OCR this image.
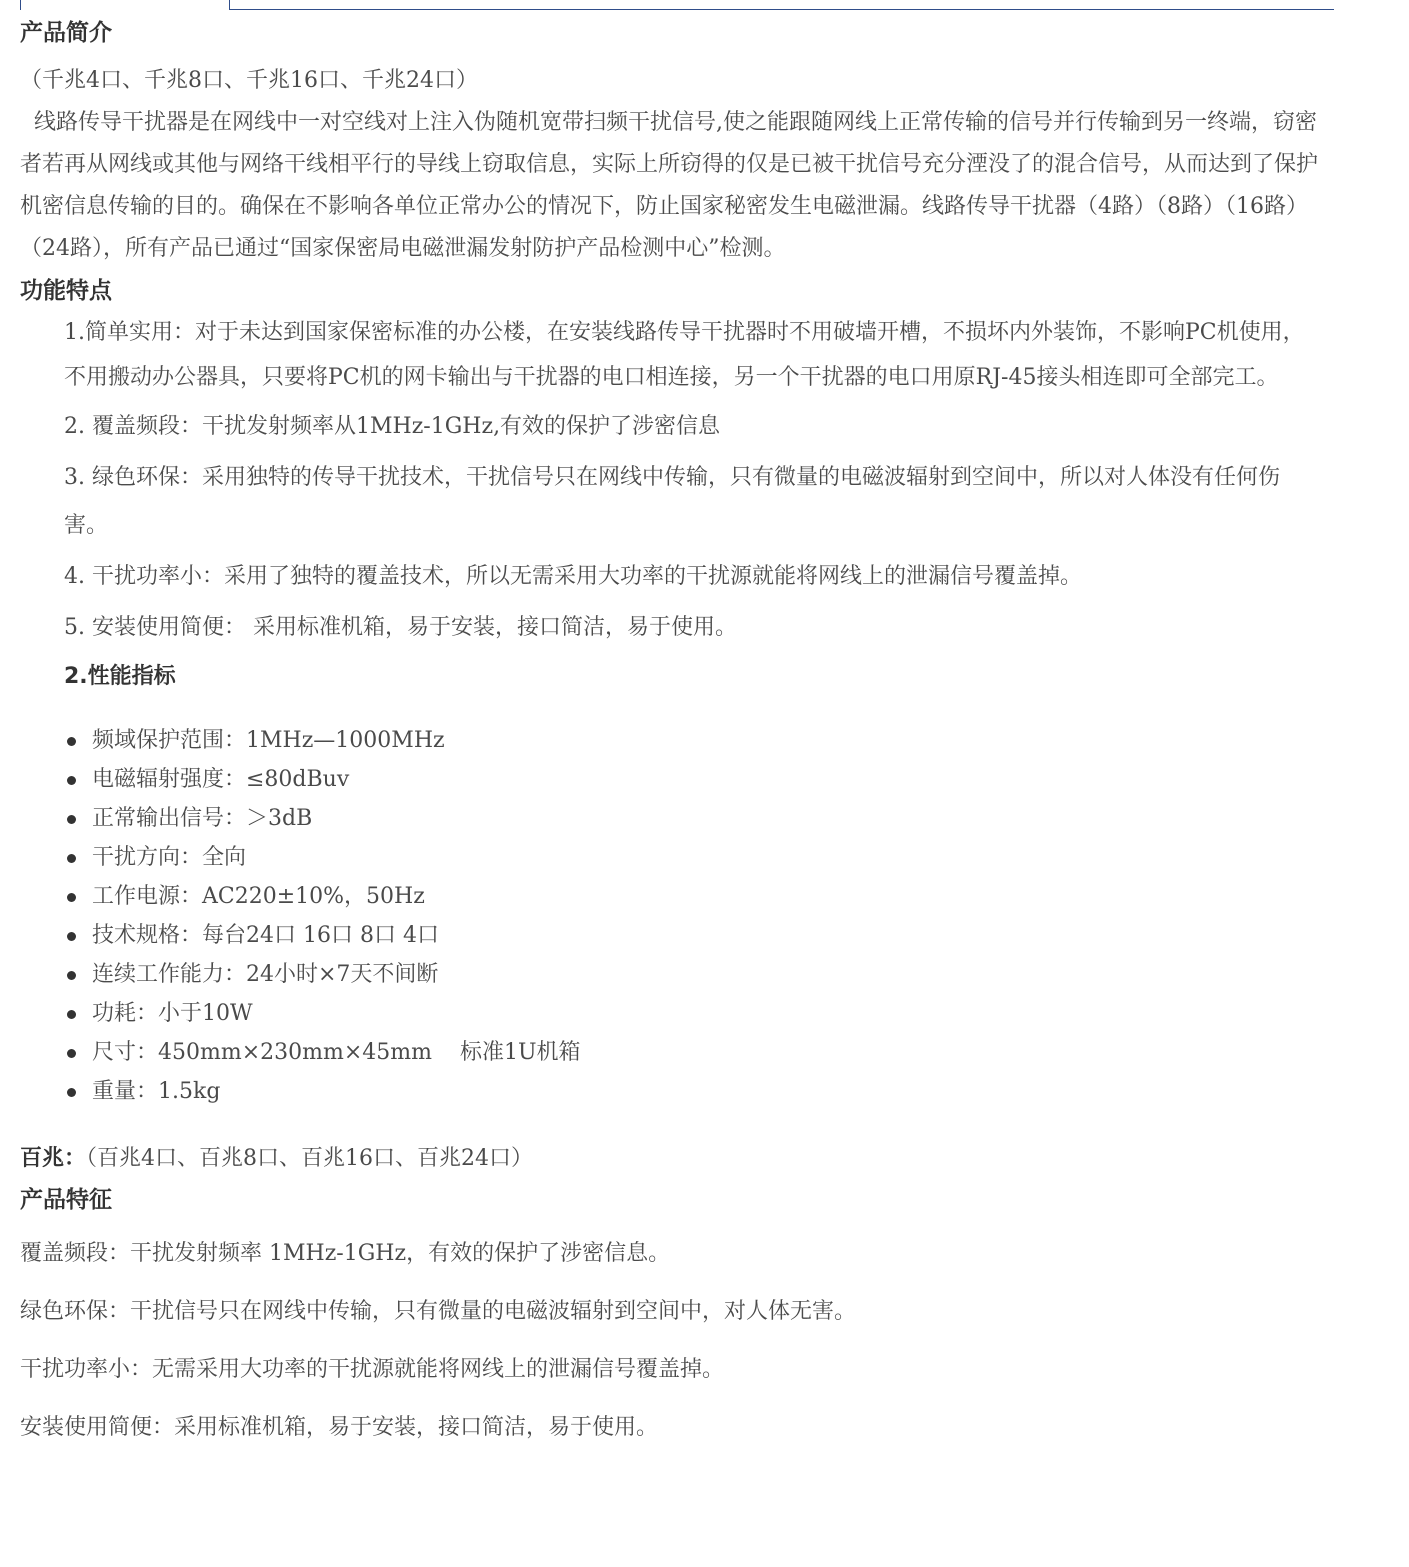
产品简介

（千兆4口、千兆8口、千兆16口、千兆24口）

线路传导干扰器是在网线中一对空线对上注入伪随机宽带扫频干扰信号,使之能跟随网线上正常传输的信号并行传输到另一终端，窃密者若再从网线或其他与网络干线相平行的导线上窃取信息，实际上所窃得的仅是已被干扰信号充分湮没了的混合信号，从而达到了保护机密信息传输的目的。确保在不影响各单位正常办公的情况下，防止国家秘密发生电磁泄漏。线路传导干扰器（4路）（8路）（16路）（24路），所有产品已通过“国家保密局电磁泄漏发射防护产品检测中心”检测。

功能特点

1.简单实用：对于未达到国家保密标准的办公楼，在安装线路传导干扰器时不用破墙开槽，不损坏内外装饰，不影响PC机使用，不用搬动办公器具，只要将PC机的网卡输出与干扰器的电口相连接，另一个干扰器的电口用原RJ-45接头相连即可全部完工。

2. 覆盖频段：干扰发射频率从1MHz-1GHz,有效的保护了涉密信息

3. 绿色环保：采用独特的传导干扰技术，干扰信号只在网线中传输，只有微量的电磁波辐射到空间中，所以对人体没有任何伤害。

4. 干扰功率小：采用了独特的覆盖技术，所以无需采用大功率的干扰源就能将网线上的泄漏信号覆盖掉。

5. 安装使用简便： 采用标准机箱，易于安装，接口简洁，易于使用。

2.性能指标
频域保护范围：1MHz—1000MHz
电磁辐射强度：≤80dBuv
正常输出信号：＞3dB
干扰方向：全向
工作电源：AC220±10%，50Hz
技术规格：每台24口 16口 8口 4口
连续工作能力：24小时×7天不间断
功耗：小于10W
尺寸：450mm×230mm×45mm    标准1U机箱
重量：1.5kg

百兆：（百兆4口、百兆8口、百兆16口、百兆24口）

产品特征

覆盖频段：干扰发射频率 1MHz-1GHz，有效的保护了涉密信息。

绿色环保：干扰信号只在网线中传输，只有微量的电磁波辐射到空间中，对人体无害。

干扰功率小：无需采用大功率的干扰源就能将网线上的泄漏信号覆盖掉。

安装使用简便：采用标准机箱，易于安装，接口简洁，易于使用。
